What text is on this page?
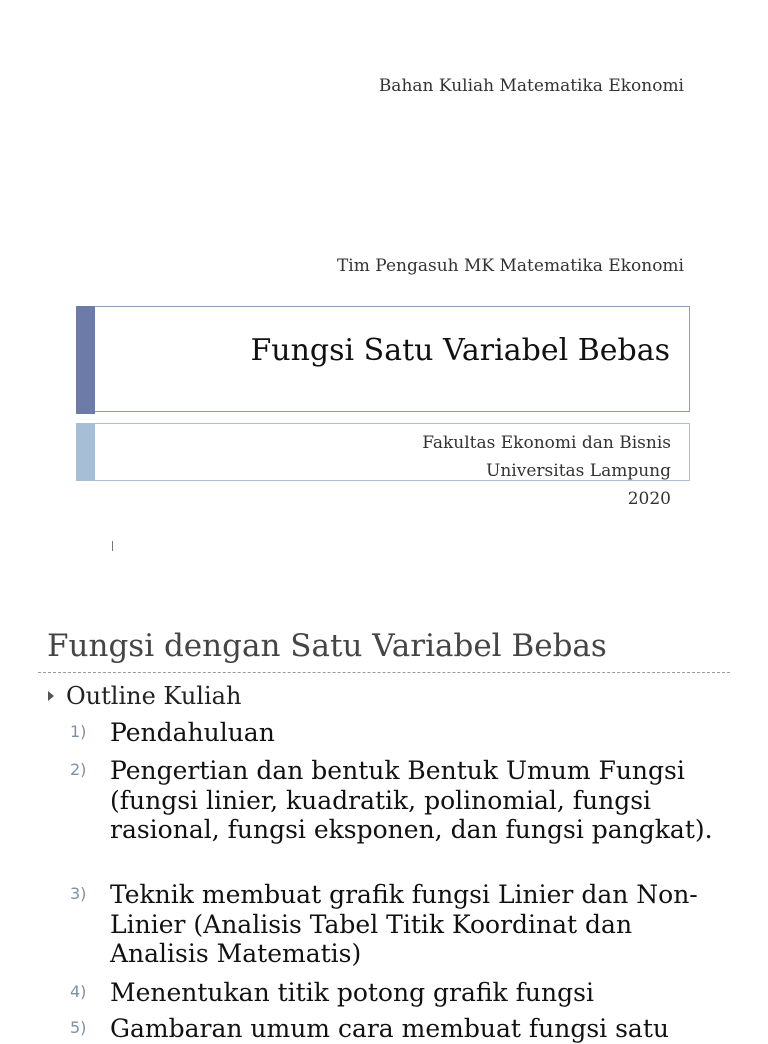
Bahan Kuliah Matematika Ekonomi
Tim Pengasuh MK Matematika Ekonomi
Fungsi Satu Variabel Bebas
Fakultas Ekonomi dan Bisnis
Universitas Lampung
2020
Fungsi dengan Satu Variabel Bebas
Outline Kuliah
1) Pendahuluan
2) Pengertian dan bentuk Bentuk Umum Fungsi (fungsi linier, kuadratik, polinomial, fungsi rasional, fungsi eksponen, dan fungsi pangkat).
3) Teknik membuat grafik fungsi Linier dan Non-Linier (Analisis Tabel Titik Koordinat dan Analisis Matematis)
4) Menentukan titik potong grafik fungsi
5) Gambaran umum cara membuat fungsi satu
